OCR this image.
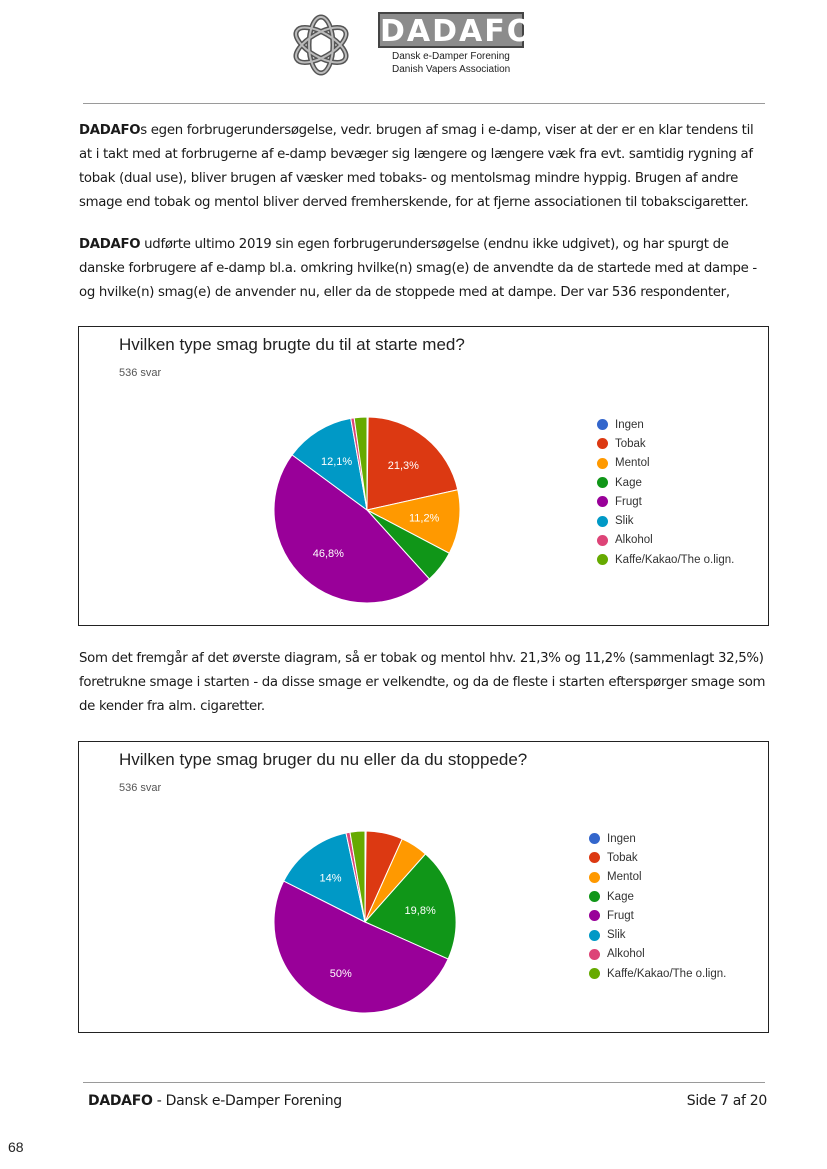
DADAFO
Dansk e-Damper Forening
Danish Vapers Association

DADAFOs egen forbrugerundersøgelse, vedr. brugen af smag i e-damp, viser at der er en klar tendens til at i takt med at forbrugerne af e-damp bevæger sig længere og længere væk fra evt. samtidig rygning af tobak (dual use), bliver brugen af væsker med tobaks- og mentolsmag mindre hyppig. Brugen af andre smage end tobak og mentol bliver derved fremherskende, for at fjerne associationen til tobakscigaretter.

DADAFO udførte ultimo 2019 sin egen forbrugerundersøgelse (endnu ikke udgivet), og har spurgt de danske forbrugere af e-damp bl.a. omkring hvilke(n) smag(e) de anvendte da de startede med at dampe - og hvilke(n) smag(e) de anvender nu, eller da de stoppede med at dampe. Der var 536 respondenter,

Hvilken type smag brugte du til at starte med?
536 svar
21,3%
11,2%
46,8%
12,1%
Ingen
Tobak
Mentol
Kage
Frugt
Slik
Alkohol
Kaffe/Kakao/The o.lign.

Som det fremgår af det øverste diagram, så er tobak og mentol hhv. 21,3% og 11,2% (sammenlagt 32,5%) foretrukne smage i starten - da disse smage er velkendte, og da de fleste i starten efterspørger smage som de kender fra alm. cigaretter.

Hvilken type smag bruger du nu eller da du stoppede?
536 svar
19,8%
50%
14%
Ingen
Tobak
Mentol
Kage
Frugt
Slik
Alkohol
Kaffe/Kakao/The o.lign.
DADAFO - Dansk e-Damper Forening	Side 7 af 20
68
